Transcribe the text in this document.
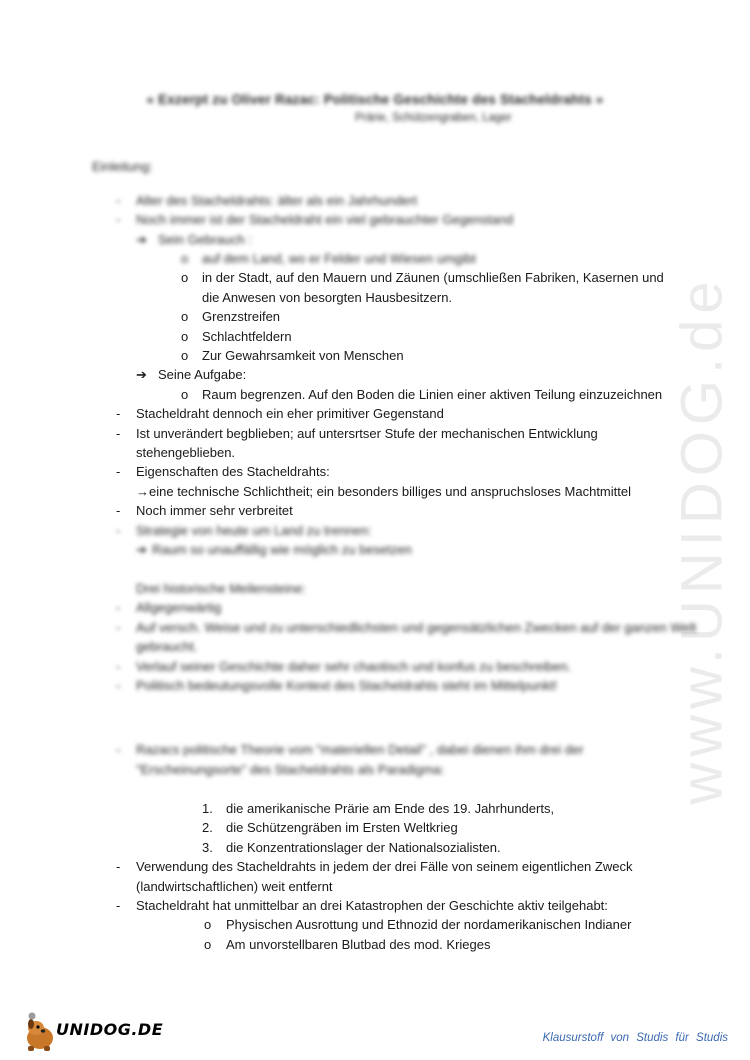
www.UNIDOG.de
« Exzerpt zu Oliver Razac: Politische Geschichte des Stacheldrahts »
Prärie, Schützengraben, Lager
Einleitung:
- Alter des Stacheldrahts: älter als ein Jahrhundert
- Noch immer ist der Stacheldraht ein viel gebrauchter Gegenstand
➔ Sein Gebrauch :
o auf dem Land, wo er Felder und Wiesen umgibt
o in der Stadt, auf den Mauern und Zäunen (umschließen Fabriken, Kasernen und
die Anwesen von besorgten Hausbesitzern.
o Grenzstreifen
o Schlachtfeldern
o Zur Gewahrsamkeit von Menschen
➔ Seine Aufgabe:
o Raum begrenzen. Auf den Boden die Linien einer aktiven Teilung einzuzeichnen
- Stacheldraht dennoch ein eher primitiver Gegenstand
- Ist unverändert begblieben; auf untersrtser Stufe der mechanischen Entwicklung
stehengeblieben.
- Eigenschaften des Stacheldrahts:
→eine technische Schlichtheit; ein besonders billiges und anspruchsloses Machtmittel
- Noch immer sehr verbreitet
- Strategie von heute um Land zu trennen:
➔ Raum so unauffällig wie möglich zu besetzen
Drei historische Meilensteine:
- Allgegenwärtig
- Auf versch. Weise und zu unterschiedlichsten und gegensätzlichen Zwecken auf der ganzen Welt
gebraucht.
- Verlauf seiner Geschichte daher sehr chaotisch und konfus zu beschreiben.
- Politisch bedeutungsvolle Kontext des Stacheldrahts steht im Mittelpunkt!
- Razacs politische Theorie vom "materiellen Detail" , dabei dienen ihm drei der
"Erscheinungsorte" des Stacheldrahts als Paradigma:
1. die amerikanische Prärie am Ende des 19. Jahrhunderts,
2. die Schützengräben im Ersten Weltkrieg
3. die Konzentrationslager der Nationalsozialisten.
- Verwendung des Stacheldrahts in jedem der drei Fälle von seinem eigentlichen Zweck
(landwirtschaftlichen) weit entfernt
- Stacheldraht hat unmittelbar an drei Katastrophen der Geschichte aktiv teilgehabt:
o Physischen Ausrottung und Ethnozid der nordamerikanischen Indianer
o Am unvorstellbaren Blutbad des mod. Krieges
UNIDOG.DE	Klausurstoff von Studis für Studis
